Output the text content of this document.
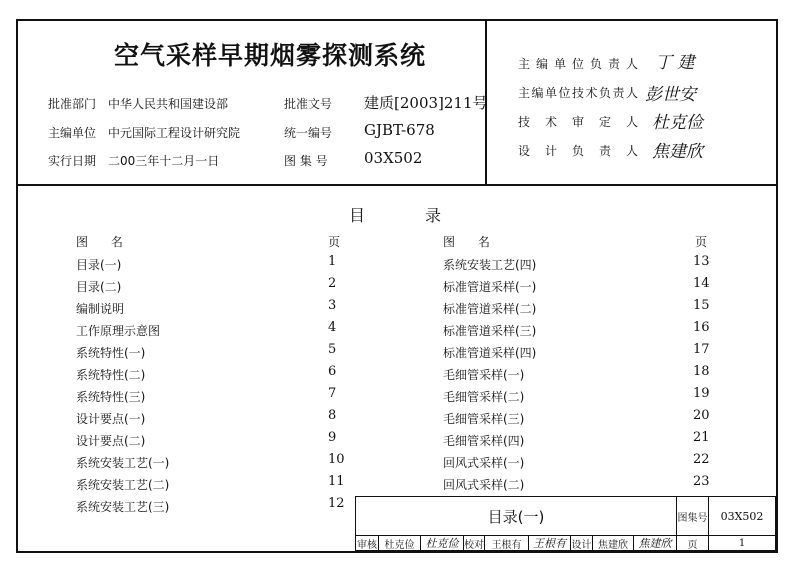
空气采样早期烟雾探测系统
批准部门 中华人民共和国建设部
主编单位 中元国际工程设计研究院
实行日期 二00三年十二月一日
批准文号 建质[2003]211号
统一编号 GJBT-678
图 集 号 03X502
主 编 单 位 负 责 人 丁 建
主编单位技术负责人 彭世安
技 术 审 定 人 杜克俭
设 计 负 责 人 焦建欣
目	录
图      名	页	图      名	页
目录(一)	1
目录(二)	2
编制说明	3
工作原理示意图	4
系统特性(一)	5
系统特性(二)	6
系统特性(三)	7
设计要点(一)	8
设计要点(二)	9
系统安装工艺(一)	10
系统安装工艺(二)	11
系统安装工艺(三)	12
系统安装工艺(四)	13
标准管道采样(一)	14
标准管道采样(二)	15
标准管道采样(三)	16
标准管道采样(四)	17
毛细管采样(一)	18
毛细管采样(二)	19
毛细管采样(三)	20
毛细管采样(四)	21
回风式采样(一)	22
回风式采样(二)	23
目录(一)	图集号	03X502
审核 杜克俭	杜克俭 校对 王根有	王根有 设计 焦建欣 焦建欣	页	1
